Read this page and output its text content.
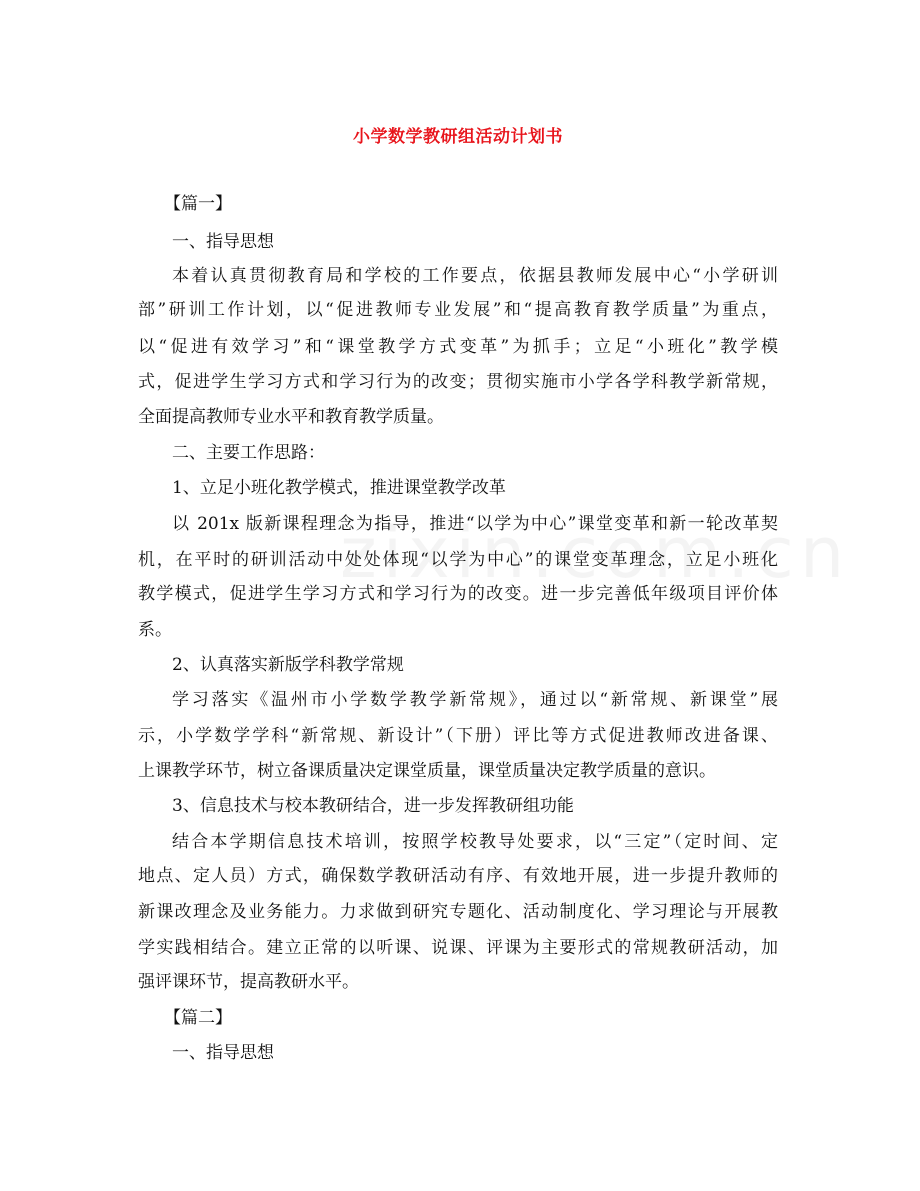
小学数学教研组活动计划书
【篇一】
一、指导思想
本着认真贯彻教育局和学校的工作要点，依据县教师发展中心“小学研训
部”研训工作计划，以“促进教师专业发展”和“提高教育教学质量”为重点，
以“促进有效学习”和“课堂教学方式变革”为抓手；立足“小班化”教学模
式，促进学生学习方式和学习行为的改变；贯彻实施市小学各学科教学新常规，
全面提高教师专业水平和教育教学质量。
二、主要工作思路：
1、立足小班化教学模式，推进课堂教学改革
以 201x 版新课程理念为指导，推进“以学为中心”课堂变革和新一轮改革契
机，在平时的研训活动中处处体现“以学为中心”的课堂变革理念，立足小班化
教学模式，促进学生学习方式和学习行为的改变。进一步完善低年级项目评价体
系。
2、认真落实新版学科教学常规
学习落实《温州市小学数学教学新常规》，通过以“新常规、新课堂”展
示，小学数学学科“新常规、新设计”（下册）评比等方式促进教师改进备课、
上课教学环节，树立备课质量决定课堂质量，课堂质量决定教学质量的意识。
3、信息技术与校本教研结合，进一步发挥教研组功能
结合本学期信息技术培训，按照学校教导处要求，以“三定”（定时间、定
地点、定人员）方式，确保数学教研活动有序、有效地开展，进一步提升教师的
新课改理念及业务能力。力求做到研究专题化、活动制度化、学习理论与开展教
学实践相结合。建立正常的以听课、说课、评课为主要形式的常规教研活动，加
强评课环节，提高教研水平。
【篇二】
一、指导思想
